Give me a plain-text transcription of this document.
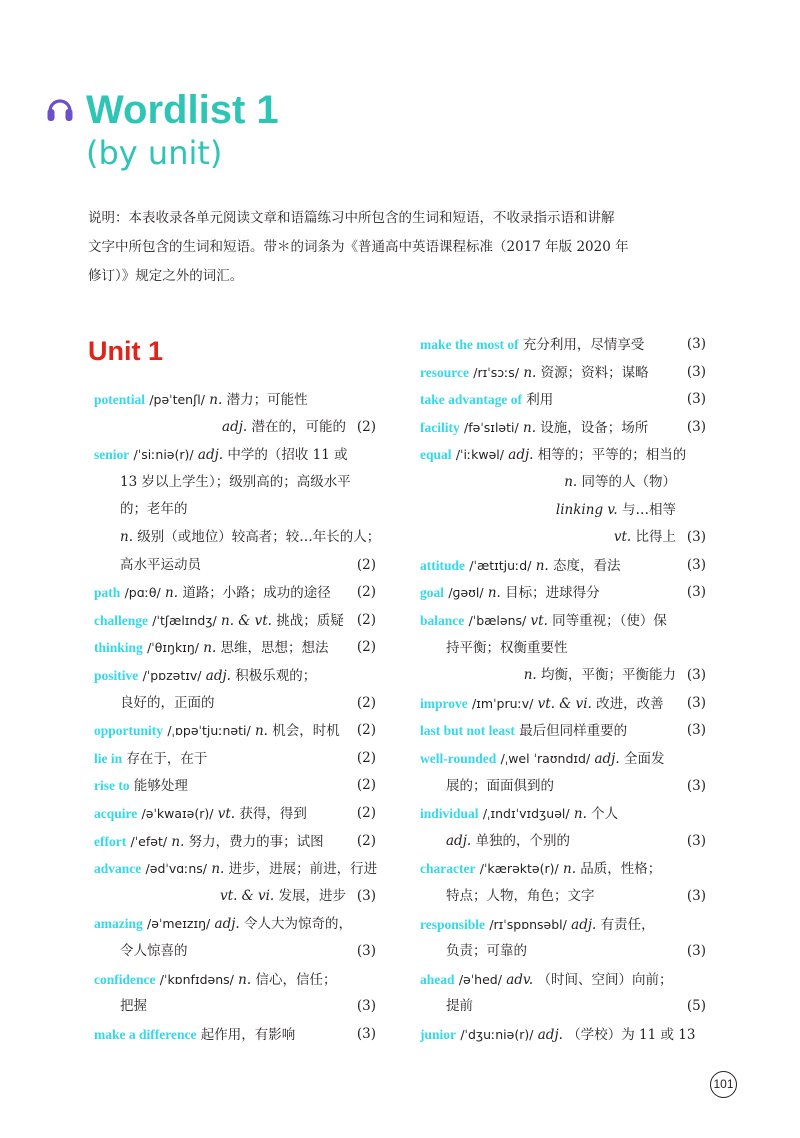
Wordlist 1
(by unit)

说明：本表收录各单元阅读文章和语篇练习中所包含的生词和短语，不收录指示语和讲解

文字中所包含的生词和短语。带＊的词条为《普通高中英语课程标准（2017 年版 2020 年

修订）》规定之外的词汇。

Unit 1
potential /pəˈtenʃl/ n. 潜力；可能性
adj. 潜在的，可能的 (2)
senior /ˈsiːniə(r)/ adj. 中学的（招收 11 或
13 岁以上学生）；级别高的；高级水平
的；老年的
n. 级别（或地位）较高者；较…年长的人；
高水平运动员	(2)
path /pɑːθ/ n. 道路；小路；成功的途径 (2)
challenge /ˈtʃælɪndʒ/ n. & vt. 挑战；质疑 (2)
thinking /ˈθɪŋkɪŋ/ n. 思维，思想；想法 (2)
positive /ˈpɒzətɪv/ adj. 积极乐观的；
良好的，正面的	(2)
opportunity /ˌɒpəˈtjuːnəti/ n. 机会，时机 (2)
lie in 存在于，在于	(2)
rise to 能够处理	(2)
acquire /əˈkwaɪə(r)/ vt. 获得，得到	(2)
effort /ˈefət/ n. 努力，费力的事；试图 (2)
advance /ədˈvɑːns/ n. 进步，进展；前进，行进
vt. & vi. 发展，进步 (3)
amazing /əˈmeɪzɪŋ/ adj. 令人大为惊奇的，
令人惊喜的	(3)
confidence /ˈkɒnfɪdəns/ n. 信心，信任；
把握	(3)
make a difference 起作用，有影响	(3)
make the most of 充分利用，尽情享受	(3)
resource /rɪˈsɔːs/ n. 资源；资料；谋略	(3)
take advantage of 利用	(3)
facility /fəˈsɪləti/ n. 设施，设备；场所	(3)
equal /ˈiːkwəl/ adj. 相等的；平等的；相当的
n. 同等的人（物）
linking v. 与…相等
vt. 比得上 (3)
attitude /ˈætɪtjuːd/ n. 态度，看法	(3)
goal /ɡəʊl/ n. 目标；进球得分	(3)
balance /ˈbæləns/ vt. 同等重视；（使）保
持平衡；权衡重要性
n. 均衡，平衡；平衡能力 (3)
improve /ɪmˈpruːv/ vt. & vi. 改进，改善 (3)
last but not least 最后但同样重要的	(3)
well-rounded /ˌwel ˈraʊndɪd/ adj. 全面发
展的；面面俱到的	(3)
individual /ˌɪndɪˈvɪdʒuəl/ n. 个人
adj. 单独的，个别的	(3)
character /ˈkærəktə(r)/ n. 品质，性格；
特点；人物，角色；文字	(3)
responsible /rɪˈspɒnsəbl/ adj. 有责任，
负责；可靠的	(3)
ahead /əˈhed/ adv. （时间、空间）向前；
提前	(5)
junior /ˈdʒuːniə(r)/ adj. （学校）为 11 或 13
101
